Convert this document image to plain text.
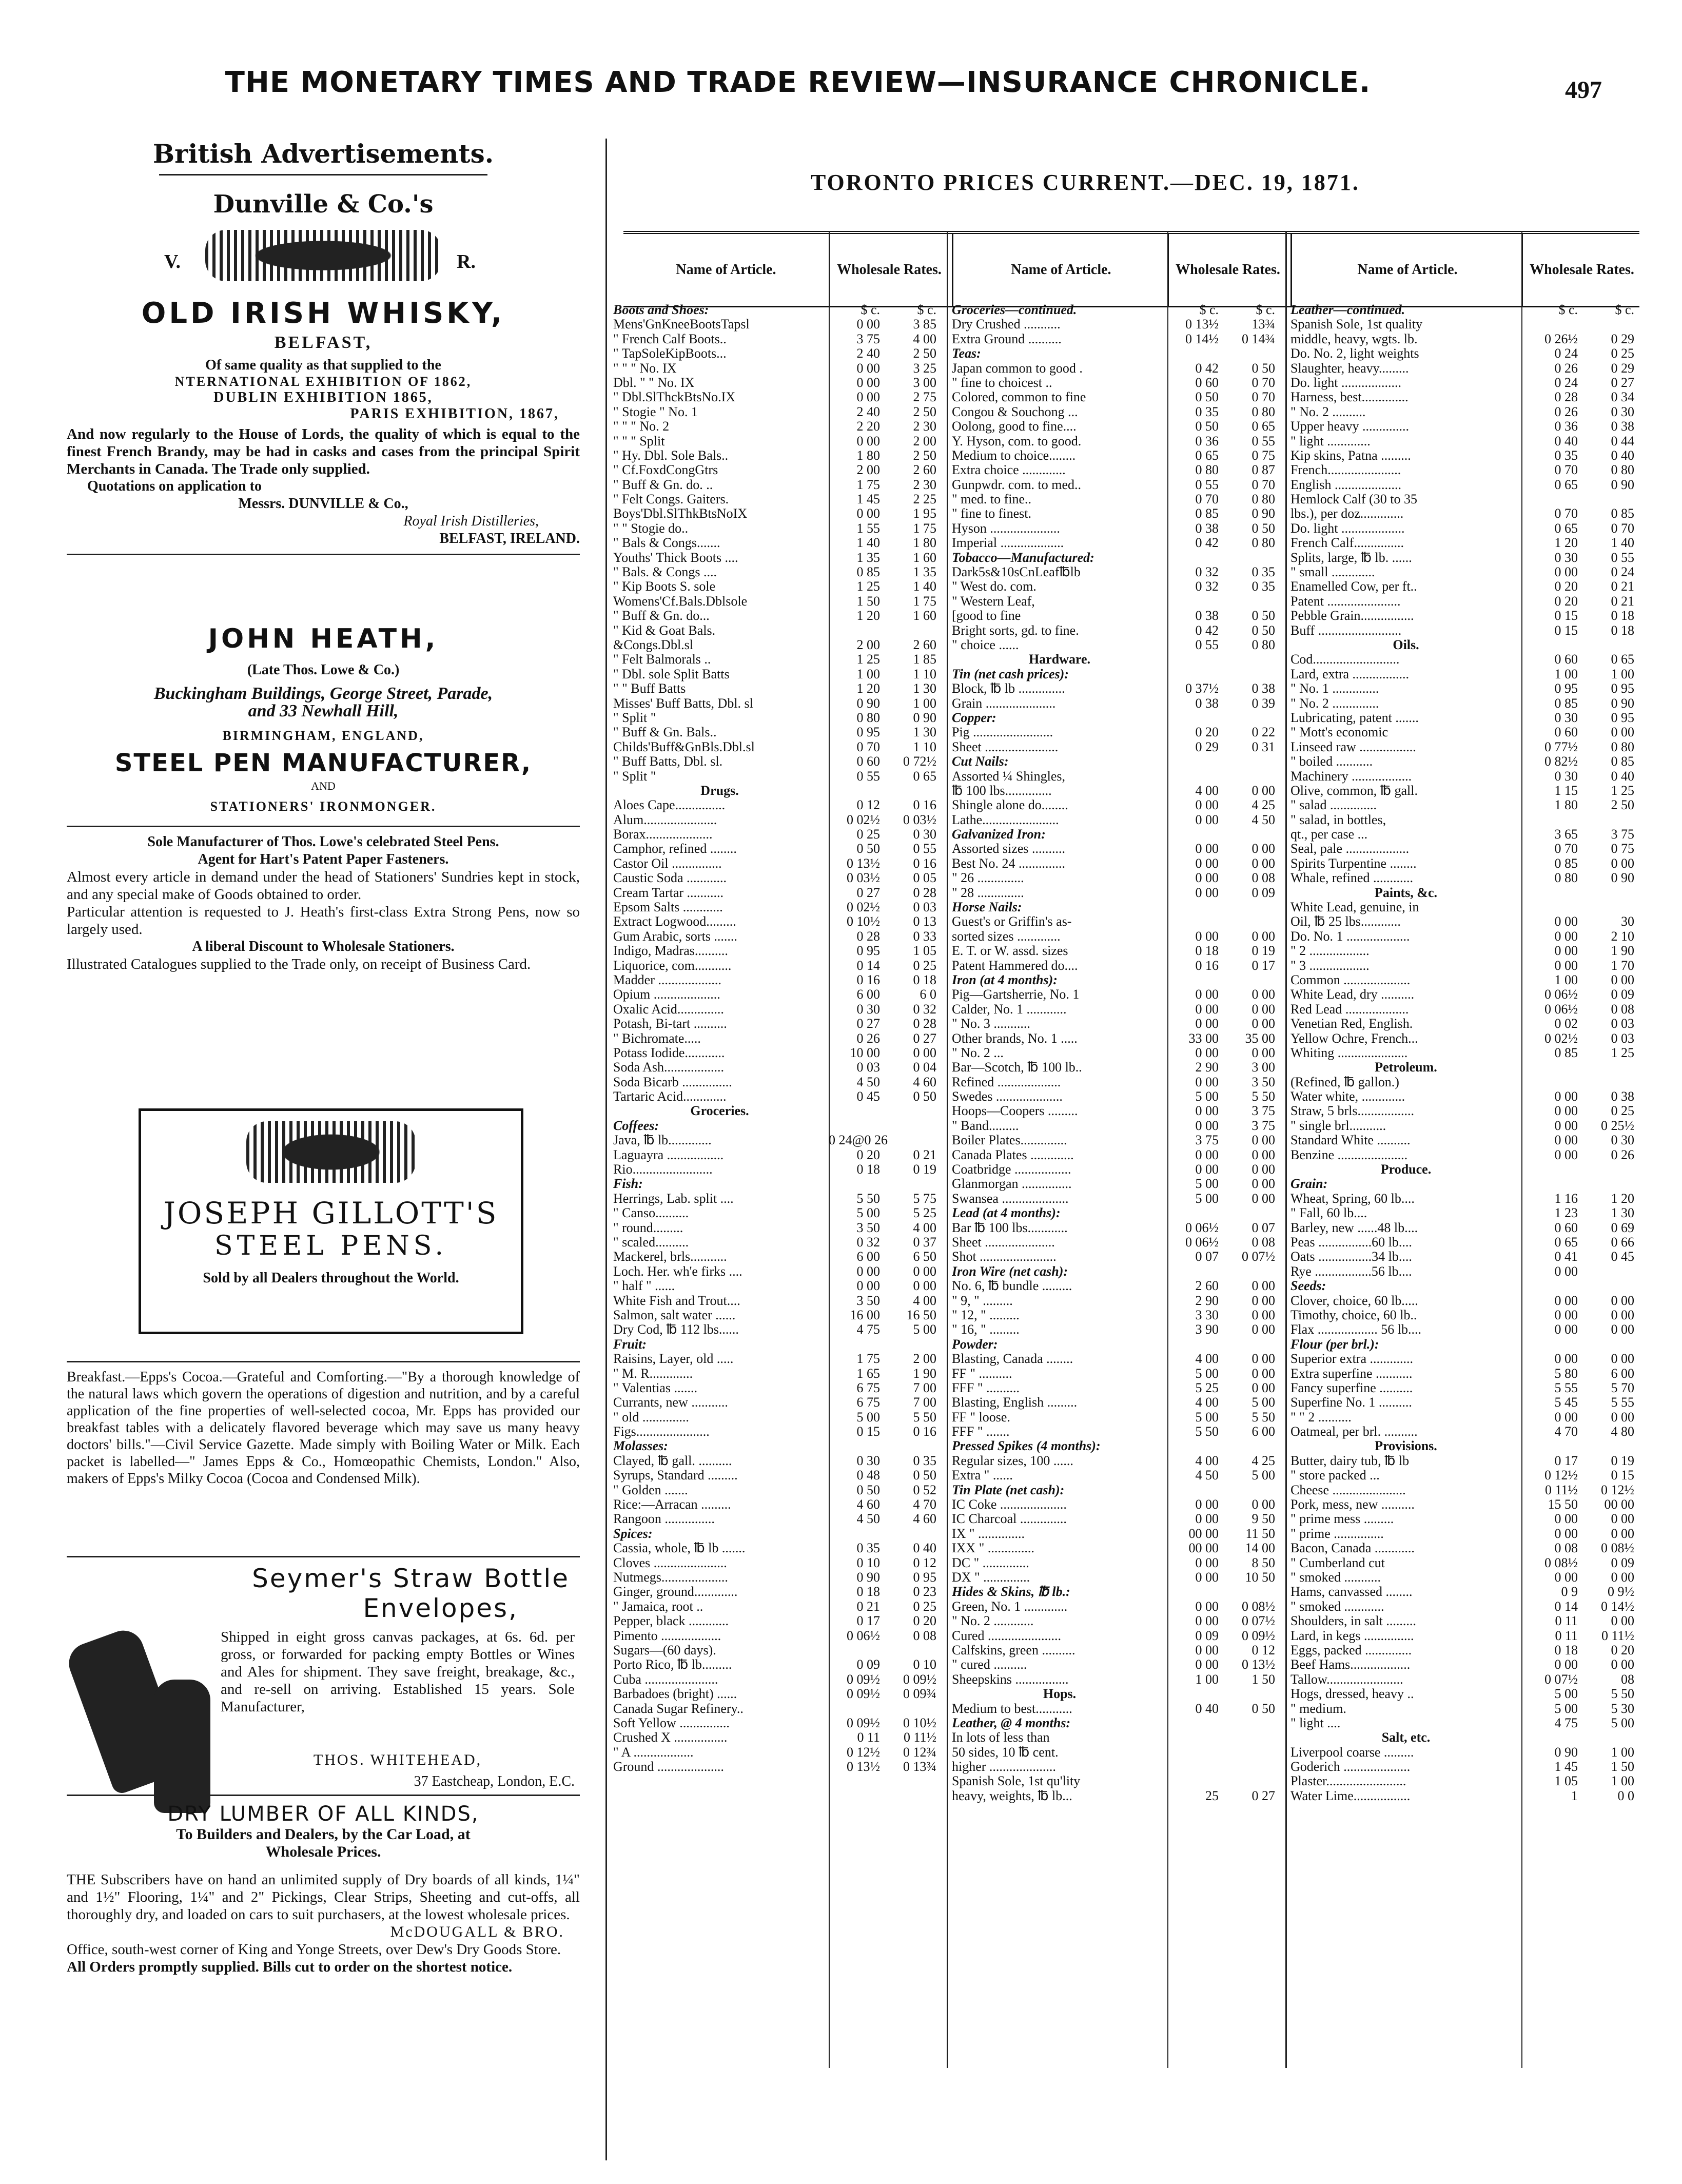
THE MONETARY TIMES AND TRADE REVIEW—INSURANCE CHRONICLE.	497
British Advertisements.
Dunville & Co.'s
V.	R.
OLD IRISH WHISKY,
BELFAST,
Of same quality as that supplied to the
NTERNATIONAL EXHIBITION OF 1862,
DUBLIN EXHIBITION 1865,
PARIS EXHIBITION, 1867,
And now regularly to the House of Lords, the quality of which is equal to the finest French Brandy, may be had in casks and cases from the principal Spirit Merchants in Canada. The Trade only supplied.
Quotations on application to
Messrs. DUNVILLE & Co.,
Royal Irish Distilleries,
BELFAST, IRELAND.
JOHN HEATH,
(Late Thos. Lowe & Co.)
Buckingham Buildings, George Street, Parade,
and 33 Newhall Hill,
BIRMINGHAM, ENGLAND,
STEEL PEN MANUFACTURER,
AND
STATIONERS' IRONMONGER.
Sole Manufacturer of Thos. Lowe's celebrated Steel Pens.
Agent for Hart's Patent Paper Fasteners.
Almost every article in demand under the head of Stationers' Sundries kept in stock, and any special make of Goods obtained to order.
Particular attention is requested to J. Heath's first-class Extra Strong Pens, now so largely used.
A liberal Discount to Wholesale Stationers.
Illustrated Catalogues supplied to the Trade only, on receipt of Business Card.
JOSEPH GILLOTT'S
STEEL PENS.
Sold by all Dealers throughout the World.
Breakfast.—Epps's Cocoa.—Grateful and Comforting.—"By a thorough knowledge of the natural laws which govern the operations of digestion and nutrition, and by a careful application of the fine properties of well-selected cocoa, Mr. Epps has provided our breakfast tables with a delicately flavored beverage which may save us many heavy doctors' bills."—Civil Service Gazette. Made simply with Boiling Water or Milk. Each packet is labelled—" James Epps & Co., Homœopathic Chemists, London." Also, makers of Epps's Milky Cocoa (Cocoa and Condensed Milk).
Seymer's Straw Bottle
Envelopes,
Shipped in eight gross canvas packages, at 6s. 6d. per gross, or forwarded for packing empty Bottles or Wines and Ales for shipment. They save freight, breakage, &c., and re-sell on arriving. Established 15 years. Sole Manufacturer,
THOS. WHITEHEAD,
37 Eastcheap, London, E.C.
DRY LUMBER OF ALL KINDS,
To Builders and Dealers, by the Car Load, at
Wholesale Prices.
THE Subscribers have on hand an unlimited supply of Dry boards of all kinds, 1¼" and 1½" Flooring, 1¼" and 2" Pickings, Clear Strips, Sheeting and cut-offs, all thoroughly dry, and loaded on cars to suit purchasers, at the lowest wholesale prices.
McDOUGALL & BRO.
Office, south-west corner of King and Yonge Streets, over Dew's Dry Goods Store.
All Orders promptly supplied. Bills cut to order on the shortest notice.
TORONTO PRICES CURRENT.—DEC. 19, 1871.
Name of Article.	Wholesale Rates.	Name of Article.	Wholesale Rates.	Name of Article.	Wholesale Rates.
Boots and Shoes:	$ c.	$ c.
Mens'GnKneeBootsTapsl	0 00	3 85
" French Calf Boots..	3 75	4 00
" TapSoleKipBoots...	2 40	2 50
" " " No. IX	0 00	3 25
Dbl. " " No. IX	0 00	3 00
" Dbl.SlThckBtsNo.IX	0 00	2 75
" Stogie " No. 1	2 40	2 50
" " " No. 2	2 20	2 30
" " " Split	0 00	2 00
" Hy. Dbl. Sole Bals..	1 80	2 50
" Cf.FoxdCongGtrs	2 00	2 60
" Buff & Gn. do. ..	1 75	2 30
" Felt Congs. Gaiters.	1 45	2 25
Boys'Dbl.SlThkBtsNoIX	0 00	1 95
" " Stogie do..	1 55	1 75
" Bals & Congs.......	1 40	1 80
Youths' Thick Boots ....	1 35	1 60
" Bals. & Congs ....	0 85	1 35
" Kip Boots S. sole	1 25	1 40
Womens'Cf.Bals.Dblsole	1 50	1 75
" Buff & Gn. do...	1 20	1 60
" Kid & Goat Bals.
&Congs.Dbl.sl	2 00	2 60
" Felt Balmorals ..	1 25	1 85
" Dbl. sole Split Batts	1 00	1 10
" " Buff Batts	1 20	1 30
Misses' Buff Batts, Dbl. sl	0 90	1 00
" Split "	0 80	0 90
" Buff & Gn. Bals..	0 95	1 30
Childs'Buff&GnBls.Dbl.sl	0 70	1 10
" Buff Batts, Dbl. sl.	0 60	0 72½
" Split "	0 55	0 65
Drugs.
Aloes Cape...............	0 12	0 16
Alum......................	0 02½	0 03½
Borax....................	0 25	0 30
Camphor, refined ........	0 50	0 55
Castor Oil ...............	0 13½	0 16
Caustic Soda ............	0 03½	0 05
Cream Tartar ...........	0 27	0 28
Epsom Salts ............	0 02½	0 03
Extract Logwood.........	0 10½	0 13
Gum Arabic, sorts .......	0 28	0 33
Indigo, Madras..........	0 95	1 05
Liquorice, com...........	0 14	0 25
Madder ...................	0 16	0 18
Opium ....................	6 00	6 0
Oxalic Acid..............	0 30	0 32
Potash, Bi-tart ..........	0 27	0 28
" Bichromate.....	0 26	0 27
Potass Iodide............	10 00	0 00
Soda Ash..................	0 03	0 04
Soda Bicarb ...............	4 50	4 60
Tartaric Acid.............	0 45	0 50
Groceries.
Coffees:
Java, ℔ lb.............	0 24@0 26
Laguayra .................	0 20	0 21
Rio........................	0 18	0 19
Fish:
Herrings, Lab. split ....	5 50	5 75
" Canso..........	5 00	5 25
" round.........	3 50	4 00
" scaled..........	0 32	0 37
Mackerel, brls...........	6 00	6 50
Loch. Her. wh'e firks ....	0 00	0 00
" half " ......	0 00	0 00
White Fish and Trout....	3 50	4 00
Salmon, salt water ......	16 00	16 50
Dry Cod, ℔ 112 lbs......	4 75	5 00
Fruit:
Raisins, Layer, old .....	1 75	2 00
" M. R.............	1 65	1 90
" Valentias .......	6 75	7 00
Currants, new ...........	6 75	7 00
" old ..............	5 00	5 50
Figs......................	0 15	0 16
Molasses:
Clayed, ℔ gall. ..........	0 30	0 35
Syrups, Standard .........	0 48	0 50
" Golden .......	0 50	0 52
Rice:—Arracan .........	4 60	4 70
Rangoon ...............	4 50	4 60
Spices:
Cassia, whole, ℔ lb .......	0 35	0 40
Cloves ......................	0 10	0 12
Nutmegs....................	0 90	0 95
Ginger, ground.............	0 18	0 23
" Jamaica, root ..	0 21	0 25
Pepper, black ............	0 17	0 20
Pimento ..................	0 06½	0 08
Sugars—(60 days).
Porto Rico, ℔ lb.........	0 09	0 10
Cuba ......................	0 09½	0 09½
Barbadoes (bright) ......	0 09½	0 09¾
Canada Sugar Refinery..
Soft Yellow ...............	0 09½	0 10½
Crushed X ................	0 11	0 11½
" A ..................	0 12½	0 12¾
Ground ....................	0 13½	0 13¾
Groceries—continued.	$ c.	$ c.
Dry Crushed ...........	0 13½	13¾
Extra Ground ..........	0 14½	0 14¾
Teas:
Japan common to good .	0 42	0 50
" fine to choicest ..	0 60	0 70
Colored, common to fine	0 50	0 70
Congou & Souchong ...	0 35	0 80
Oolong, good to fine....	0 50	0 65
Y. Hyson, com. to good.	0 36	0 55
Medium to choice........	0 65	0 75
Extra choice .............	0 80	0 87
Gunpwdr. com. to med..	0 55	0 70
" med. to fine..	0 70	0 80
" fine to finest.	0 85	0 90
Hyson .....................	0 38	0 50
Imperial ...................	0 42	0 80
Tobacco—Manufactured:
Dark5s&10sCnLeaf℔lb	0 32	0 35
" West do. com.	0 32	0 35
" Western Leaf,
[good to fine	0 38	0 50
Bright sorts, gd. to fine.	0 42	0 50
" choice ......	0 55	0 80
Hardware.
Tin (net cash prices):
Block, ℔ lb ..............	0 37½	0 38
Grain .....................	0 38	0 39
Copper:
Pig ........................	0 20	0 22
Sheet ......................	0 29	0 31
Cut Nails:
Assorted ¼ Shingles,
℔ 100 lbs..............	4 00	0 00
Shingle alone do........	0 00	4 25
Lathe.......................	0 00	4 50
Galvanized Iron:
Assorted sizes ..........	0 00	0 00
Best No. 24 ..............	0 00	0 00
" 26 ..............	0 00	0 08
" 28 ..............	0 00	0 09
Horse Nails:
Guest's or Griffin's as-
sorted sizes .............	0 00	0 00
E. T. or W. assd. sizes	0 18	0 19
Patent Hammered do....	0 16	0 17
Iron (at 4 months):
Pig—Gartsherrie, No. 1	0 00	0 00
Calder, No. 1 ............	0 00	0 00
" No. 3 ...........	0 00	0 00
Other brands, No. 1 .....	33 00	35 00
" No. 2 ...	0 00	0 00
Bar—Scotch, ℔ 100 lb..	2 90	3 00
Refined ...................	0 00	3 50
Swedes ....................	5 00	5 50
Hoops—Coopers .........	0 00	3 75
" Band.........	0 00	3 75
Boiler Plates..............	3 75	0 00
Canada Plates .............	0 00	0 00
Coatbridge .................	0 00	0 00
Glanmorgan ...............	5 00	0 00
Swansea ....................	5 00	0 00
Lead (at 4 months):
Bar ℔ 100 lbs............	0 06½	0 07
Sheet .....................	0 06½	0 08
Shot .......................	0 07	0 07½
Iron Wire (net cash):
No. 6, ℔ bundle .........	2 60	0 00
" 9, " .........	2 90	0 00
" 12, " .........	3 30	0 00
" 16, " .........	3 90	0 00
Powder:
Blasting, Canada ........	4 00	0 00
FF " ..........	5 00	0 00
FFF " ..........	5 25	0 00
Blasting, English .........	4 00	5 00
FF " loose.	5 00	5 50
FFF " .......	5 50	6 00
Pressed Spikes (4 months):
Regular sizes, 100 ......	4 00	4 25
Extra " ......	4 50	5 00
Tin Plate (net cash):
IC Coke ....................	0 00	0 00
IC Charcoal ..............	0 00	9 50
IX " ..............	00 00	11 50
IXX " ..............	00 00	14 00
DC " ..............	0 00	8 50
DX " ..............	0 00	10 50
Hides & Skins, ℔ lb.:
Green, No. 1 .............	0 00	0 08½
" No. 2 ............	0 00	0 07½
Cured ......................	0 09	0 09½
Calfskins, green ..........	0 00	0 12
" cured ..........	0 00	0 13½
Sheepskins ................	1 00	1 50
Hops.
Medium to best...........	0 40	0 50
Leather, @ 4 months:
In lots of less than
50 sides, 10 ℔ cent.
higher ....................
Spanish Sole, 1st qu'lity
heavy, weights, ℔ lb...	25	0 27
Leather—continued.	$ c.	$ c.
Spanish Sole, 1st quality
middle, heavy, wgts. lb.	0 26½	0 29
Do. No. 2, light weights	0 24	0 25
Slaughter, heavy.........	0 26	0 29
Do. light ..................	0 24	0 27
Harness, best..............	0 28	0 34
" No. 2 ..........	0 26	0 30
Upper heavy ..............	0 36	0 38
" light .............	0 40	0 44
Kip skins, Patna .........	0 35	0 40
French......................	0 70	0 80
English ....................	0 65	0 90
Hemlock Calf (30 to 35
lbs.), per doz.............	0 70	0 85
Do. light ...................	0 65	0 70
French Calf...............	1 20	1 40
Splits, large, ℔ lb. ......	0 30	0 55
" small .............	0 00	0 24
Enamelled Cow, per ft..	0 20	0 21
Patent ......................	0 20	0 21
Pebble Grain................	0 15	0 18
Buff .........................	0 15	0 18
Oils.
Cod..........................	0 60	0 65
Lard, extra .................	1 00	1 00
" No. 1 ..............	0 95	0 95
" No. 2 ..............	0 85	0 90
Lubricating, patent .......	0 30	0 95
" Mott's economic	0 60	0 00
Linseed raw .................	0 77½	0 80
" boiled ...........	0 82½	0 85
Machinery ..................	0 30	0 40
Olive, common, ℔ gall.	1 15	1 25
" salad ..............	1 80	2 50
" salad, in bottles,
qt., per case ...	3 65	3 75
Seal, pale ...................	0 70	0 75
Spirits Turpentine ........	0 85	0 00
Whale, refined ............	0 80	0 90
Paints, &c.
White Lead, genuine, in
Oil, ℔ 25 lbs............	0 00	30
Do. No. 1 ...................	0 00	2 10
" 2 ..................	0 00	1 90
" 3 ..................	0 00	1 70
Common ....................	1 00	0 00
White Lead, dry ..........	0 06½	0 09
Red Lead ...................	0 06½	0 08
Venetian Red, English.	0 02	0 03
Yellow Ochre, French...	0 02½	0 03
Whiting .....................	0 85	1 25
Petroleum.
(Refined, ℔ gallon.)
Water white, .............	0 00	0 38
Straw, 5 brls.................	0 00	0 25
" single brl...........	0 00	0 25½
Standard White ..........	0 00	0 30
Benzine .....................	0 00	0 26
Produce.
Grain:
Wheat, Spring, 60 lb....	1 16	1 20
" Fall, 60 lb....	1 23	1 30
Barley, new ......48 lb....	0 60	0 69
Peas ................60 lb....	0 65	0 66
Oats ................34 lb....	0 41	0 45
Rye .................56 lb....	0 00
Seeds:
Clover, choice, 60 lb.....	0 00	0 00
Timothy, choice, 60 lb..	0 00	0 00
Flax .................. 56 lb....	0 00	0 00
Flour (per brl.):
Superior extra .............	0 00	0 00
Extra superfine ...........	5 80	6 00
Fancy superfine ..........	5 55	5 70
Superfine No. 1 ..........	5 45	5 55
" " 2 ..........	0 00	0 00
Oatmeal, per brl. ..........	4 70	4 80
Provisions.
Butter, dairy tub, ℔ lb	0 17	0 19
" store packed ...	0 12½	0 15
Cheese ......................	0 11½	0 12½
Pork, mess, new ..........	15 50	00 00
" prime mess .........	0 00	0 00
" prime ...............	0 00	0 00
Bacon, Canada ............	0 08	0 08½
" Cumberland cut	0 08½	0 09
" smoked ...........	0 00	0 00
Hams, canvassed ........	0 9	0 9½
" smoked ............	0 14	0 14½
Shoulders, in salt .........	0 11	0 00
Lard, in kegs ...............	0 11	0 11½
Eggs, packed ..............	0 18	0 20
Beef Hams..................	0 00	0 00
Tallow.......................	0 07½	08
Hogs, dressed, heavy ..	5 00	5 50
" medium.	5 00	5 30
" light ....	4 75	5 00
Salt, etc.
Liverpool coarse .........	0 90	1 00
Goderich ....................	1 45	1 50
Plaster........................	1 05	1 00
Water Lime.................	1	0 0
